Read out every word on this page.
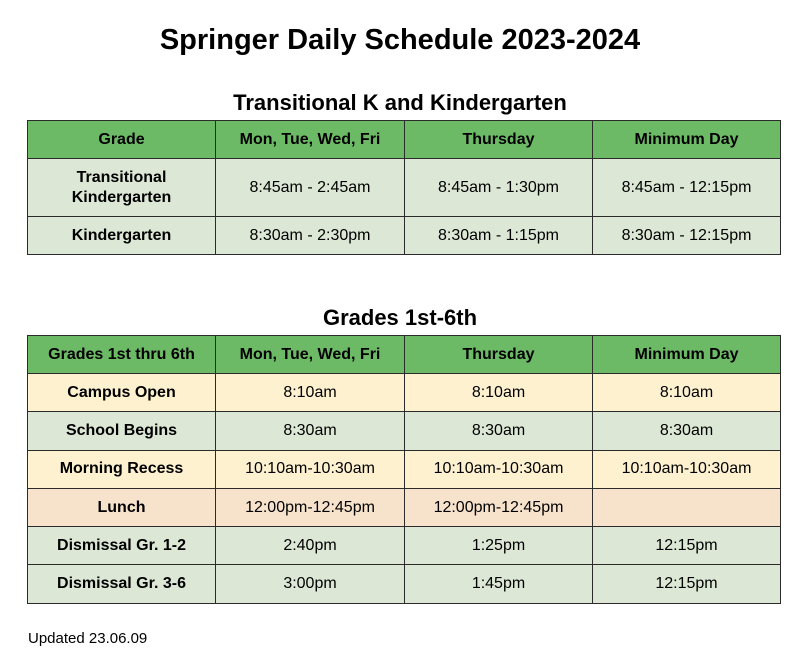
Springer Daily Schedule 2023-2024
Transitional K and Kindergarten
Grade	Mon, Tue, Wed, Fri	Thursday	Minimum Day

Transitional Kindergarten	8:45am - 2:45am	8:45am - 1:30pm	8:45am - 12:15pm
Kindergarten	8:30am - 2:30pm	8:30am - 1:15pm	8:30am - 12:15pm
Grades 1st-6th
Grades 1st thru 6th	Mon, Tue, Wed, Fri	Thursday	Minimum Day
Campus Open	8:10am	8:10am	8:10am
School Begins	8:30am	8:30am	8:30am
Morning Recess	10:10am-10:30am	10:10am-10:30am	10:10am-10:30am
Lunch	12:00pm-12:45pm	12:00pm-12:45pm	
Dismissal Gr. 1-2	2:40pm	1:25pm	12:15pm
Dismissal Gr. 3-6	3:00pm	1:45pm	12:15pm
Updated 23.06.09
